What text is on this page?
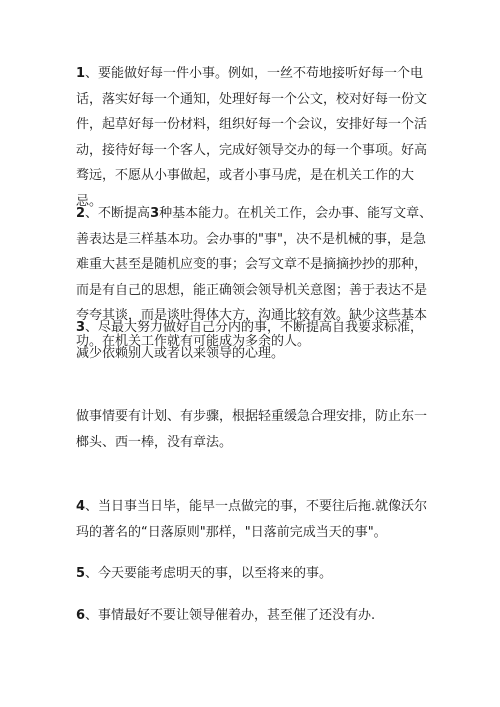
1、要能做好每一件小事。例如，一丝不苟地接听好每一个电话，落实好每一个通知，处理好每一个公文，校对好每一份文件，起草好每一份材料，组织好每一个会议，安排好每一个活动，接待好每一个客人，完成好领导交办的每一个事项。好高骛远，不愿从小事做起，或者小事马虎，是在机关工作的大忌。

2、不断提高3种基本能力。在机关工作，会办事、能写文章、善表达是三样基本功。会办事的"事"，决不是机械的事，是急难重大甚至是随机应变的事；会写文章不是摘摘抄抄的那种，而是有自己的思想，能正确领会领导机关意图；善于表达不是夸夸其谈，而是谈吐得体大方，沟通比较有效。缺少这些基本功。在机关工作就有可能成为多余的人。

3、尽最大努力做好自己分内的事，不断提高自我要求标准，减少依赖别人或者以来领导的心理。

做事情要有计划、有步骤，根据轻重缓急合理安排，防止东一榔头、西一棒，没有章法。

4、当日事当日毕，能早一点做完的事，不要往后拖.就像沃尔玛的著名的“日落原则"那样，"日落前完成当天的事"。

5、今天要能考虑明天的事，以至将来的事。

6、事情最好不要让领导催着办，甚至催了还没有办.
